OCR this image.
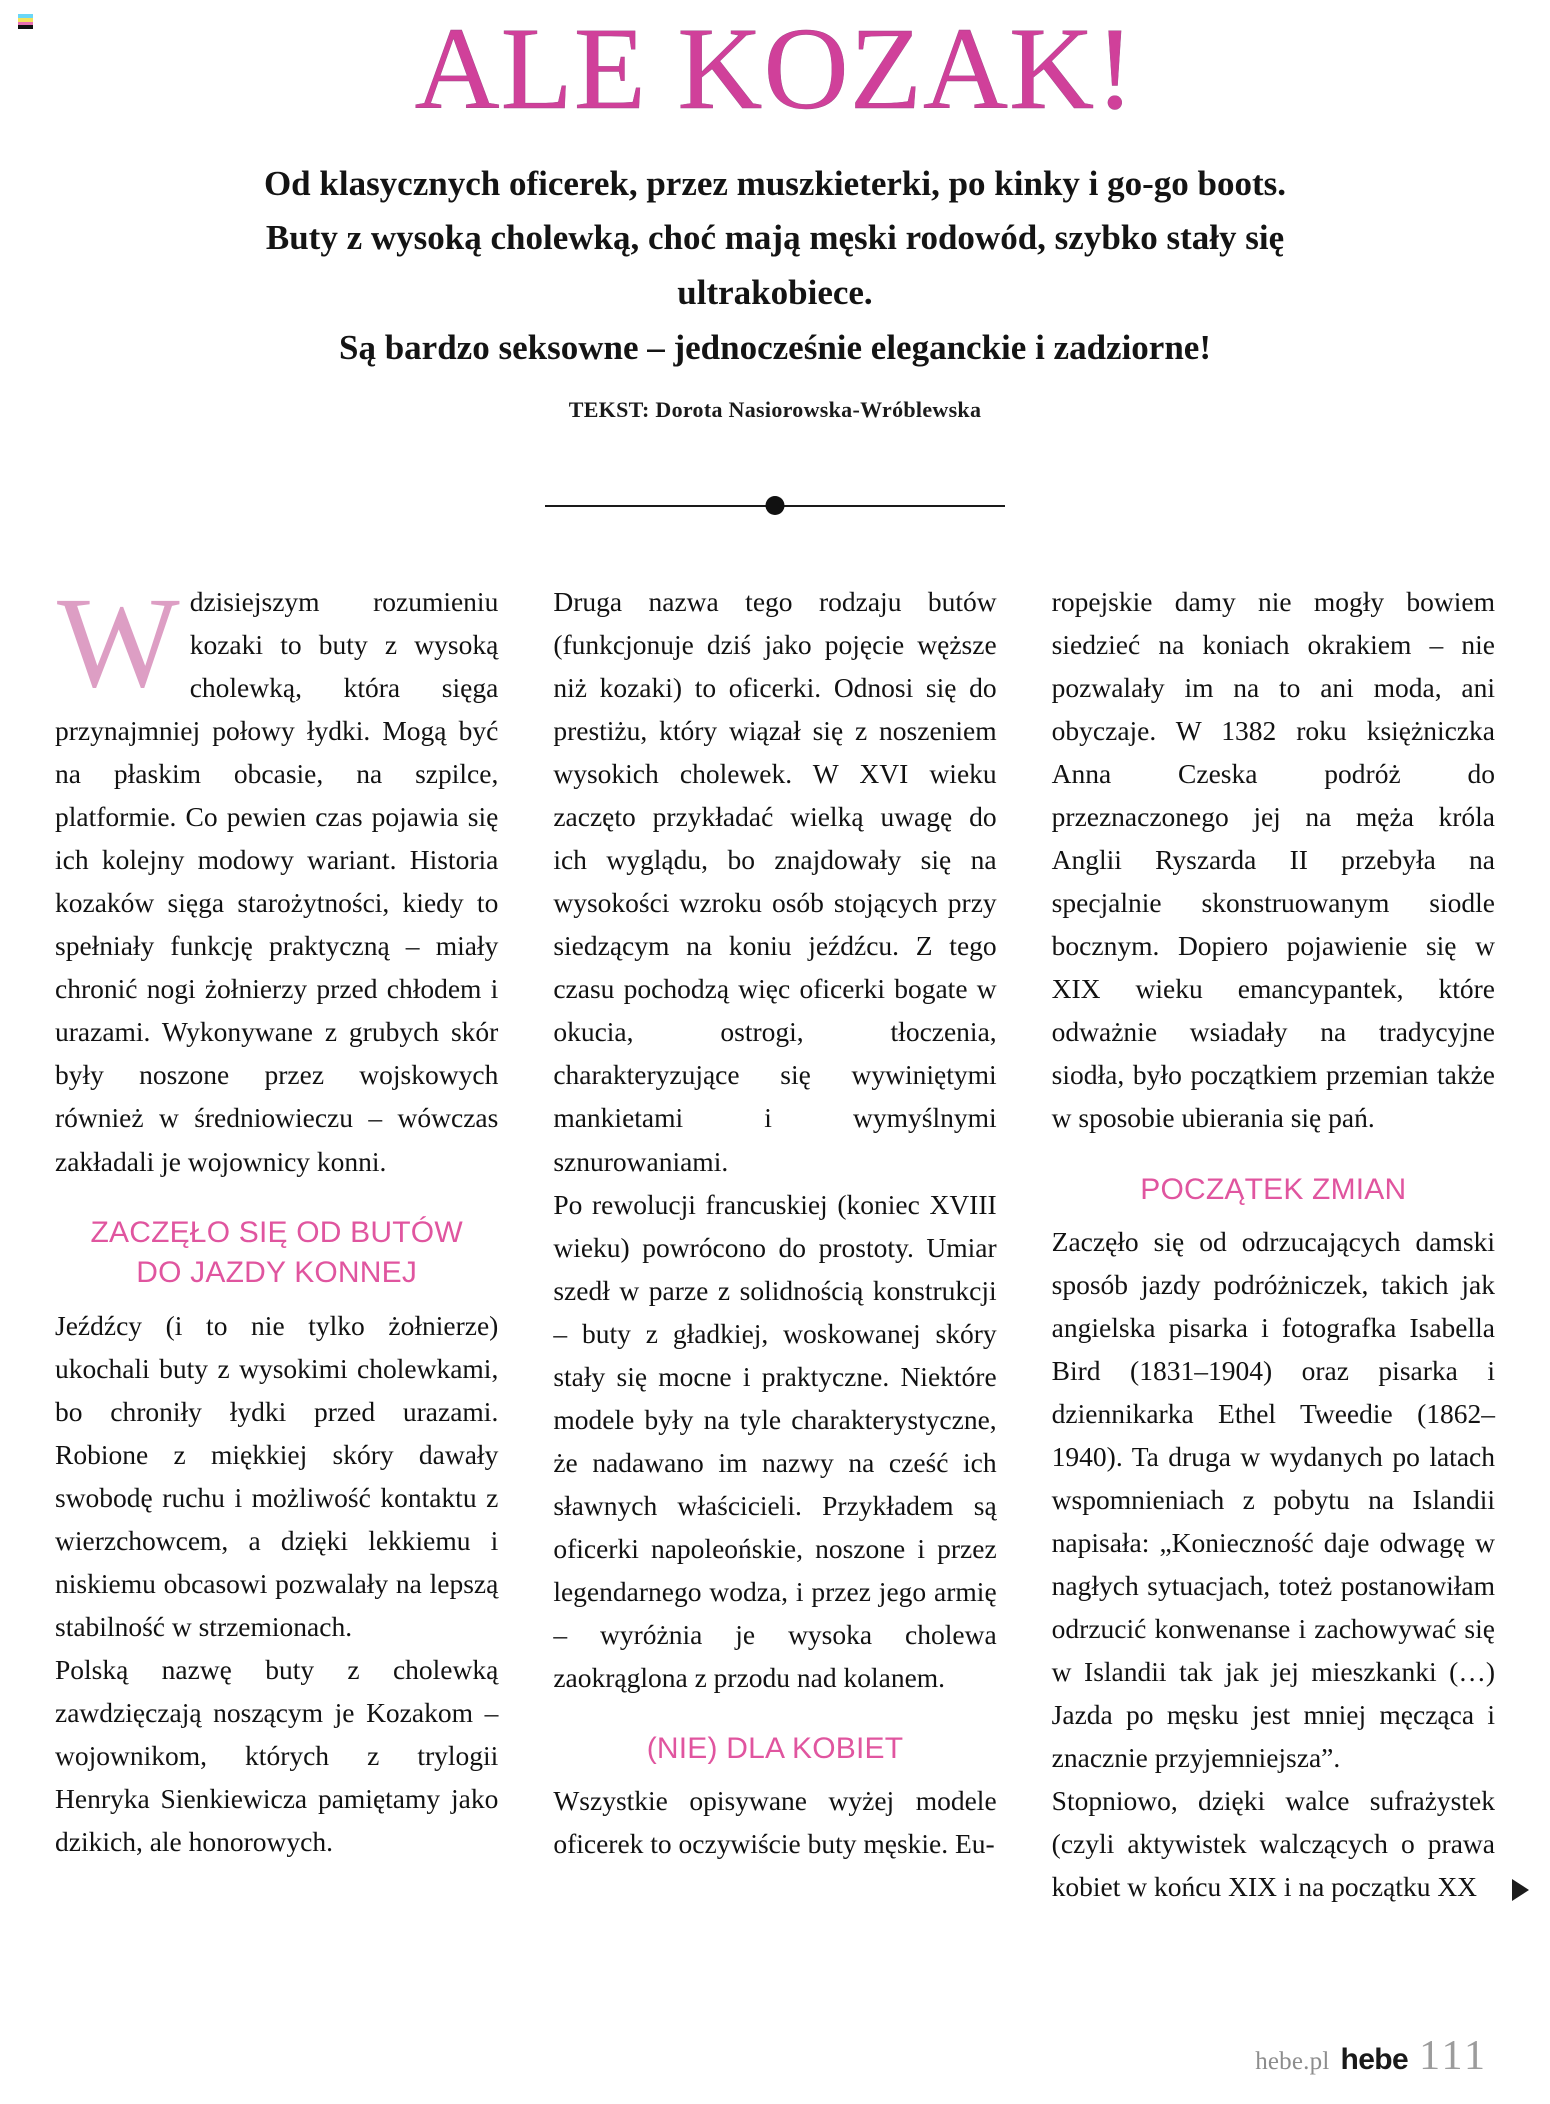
ALE KOZAK!
Od klasycznych oficerek, przez muszkieterki, po kinky i go-go boots.
Buty z wysoką cholewką, choć mają męski rodowód, szybko stały się ultrakobiece.
Są bardzo seksowne – jednocześnie eleganckie i zadziorne!
TEKST: Dorota Nasiorowska-Wróblewska

Wdzisiejszym rozumieniu kozaki to buty z wysoką cholewką, która sięga przynajmniej połowy łydki. Mogą być na płaskim obcasie, na szpilce, platformie. Co pewien czas pojawia się ich kolejny modowy wariant. Historia kozaków sięga starożytności, kiedy to spełniały funkcję praktyczną – miały chronić nogi żołnierzy przed chłodem i urazami. Wykonywane z grubych skór były noszone przez wojskowych również w średniowieczu – wówczas zakładali je wojownicy konni.

ZACZĘŁO SIĘ OD BUTÓW
DO JAZDY KONNEJ

Jeźdźcy (i to nie tylko żołnierze) ukochali buty z wysokimi cholewkami, bo chroniły łydki przed urazami. Robione z miękkiej skóry dawały swobodę ruchu i możliwość kontaktu z wierzchowcem, a dzięki lekkiemu i niskiemu obcasowi pozwalały na lepszą stabilność w strzemionach.

Polską nazwę buty z cholewką zawdzięczają noszącym je Kozakom – wojownikom, których z trylogii Henryka Sienkiewicza pamiętamy jako dzikich, ale honorowych.

Druga nazwa tego rodzaju butów (funkcjonuje dziś jako pojęcie węższe niż kozaki) to oficerki. Odnosi się do prestiżu, który wiązał się z noszeniem wysokich cholewek. W XVI wieku zaczęto przykładać wielką uwagę do ich wyglądu, bo znajdowały się na wysokości wzroku osób stojących przy siedzącym na koniu jeźdźcu. Z tego czasu pochodzą więc oficerki bogate w okucia, ostrogi, tłoczenia, charakteryzujące się wywiniętymi mankietami i wymyślnymi sznurowaniami.

Po rewolucji francuskiej (koniec XVIII wieku) powrócono do prostoty. Umiar szedł w parze z solidnością konstrukcji – buty z gładkiej, woskowanej skóry stały się mocne i praktyczne. Niektóre modele były na tyle charakterystyczne, że nadawano im nazwy na cześć ich sławnych właścicieli. Przykładem są oficerki napoleońskie, noszone i przez legendarnego wodza, i przez jego armię – wyróżnia je wysoka cholewa zaokrąglona z przodu nad kolanem.

(NIE) DLA KOBIET

Wszystkie opisywane wyżej modele oficerek to oczywiście buty męskie. Eu-

ropejskie damy nie mogły bowiem siedzieć na koniach okrakiem – nie pozwalały im na to ani moda, ani obyczaje. W 1382 roku księżniczka Anna Czeska podróż do przeznaczonego jej na męża króla Anglii Ryszarda II przebyła na specjalnie skonstruowanym siodle bocznym. Dopiero pojawienie się w XIX wieku emancypantek, które odważnie wsiadały na tradycyjne siodła, było początkiem przemian także w sposobie ubierania się pań.

POCZĄTEK ZMIAN

Zaczęło się od odrzucających damski sposób jazdy podróżniczek, takich jak angielska pisarka i fotografka Isabella Bird (1831–1904) oraz pisarka i dziennikarka Ethel Tweedie (1862–1940). Ta druga w wydanych po latach wspomnieniach z pobytu na Islandii napisała: „Konieczność daje odwagę w nagłych sytuacjach, toteż postanowiłam odrzucić konwenanse i zachowywać się w Islandii tak jak jej mieszkanki (…) Jazda po męsku jest mniej męcząca i znacznie przyjemniejsza”.

Stopniowo, dzięki walce sufrażystek (czyli aktywistek walczących o prawa kobiet w końcu XIX i na początku XX

hebe.pl hebe 111
